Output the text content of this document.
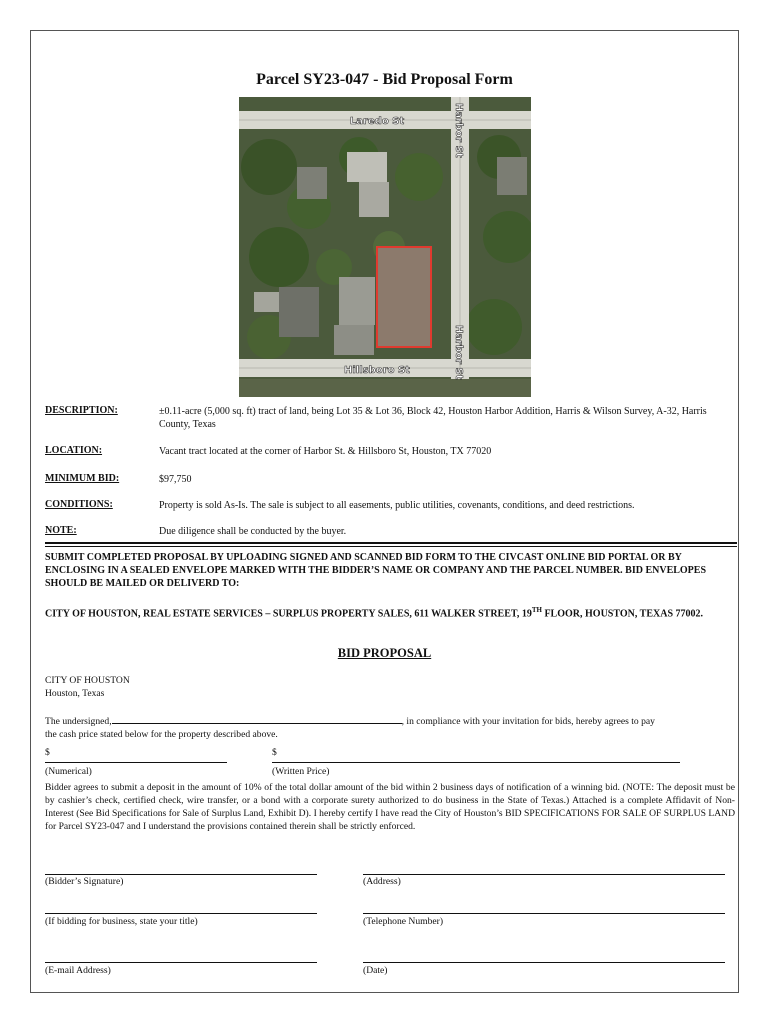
Parcel SY23-047 - Bid Proposal Form
Laredo St
Hillsboro St
Harbor St
Harbor St
DESCRIPTION:	±0.11-acre (5,000 sq. ft) tract of land, being Lot 35 & Lot 36, Block 42, Houston Harbor Addition, Harris & Wilson Survey, A-32, Harris County, Texas
LOCATION:	Vacant tract located at the corner of Harbor St. & Hillsboro St, Houston, TX 77020
MINIMUM BID:	$97,750
CONDITIONS:	Property is sold As-Is. The sale is subject to all easements, public utilities, covenants, conditions, and deed restrictions.
NOTE:	Due diligence shall be conducted by the buyer.
SUBMIT COMPLETED PROPOSAL BY UPLOADING SIGNED AND SCANNED BID FORM TO THE CIVCAST ONLINE BID PORTAL OR BY ENCLOSING IN A SEALED ENVELOPE MARKED WITH THE BIDDER’S NAME OR COMPANY AND THE PARCEL NUMBER. BID ENVELOPES SHOULD BE MAILED OR DELIVERD TO:
CITY OF HOUSTON, REAL ESTATE SERVICES – SURPLUS PROPERTY SALES, 611 WALKER STREET, 19TH FLOOR, HOUSTON, TEXAS 77002.
BID PROPOSAL
CITY OF HOUSTON
Houston, Texas
The undersigned,	, in compliance with your invitation for bids, hereby agrees to pay
the cash price stated below for the property described above.
$	$
(Numerical)	(Written Price)
Bidder agrees to submit a deposit in the amount of 10% of the total dollar amount of the bid within 2 business days of notification of a winning bid. (NOTE: The deposit must be by cashier’s check, certified check, wire transfer, or a bond with a corporate surety authorized to do business in the State of Texas.) Attached is a complete Affidavit of Non-Interest (See Bid Specifications for Sale of Surplus Land, Exhibit D). I hereby certify I have read the City of Houston’s BID SPECIFICATIONS FOR SALE OF SURPLUS LAND for Parcel SY23-047 and I understand the provisions contained therein shall be strictly enforced.
(Bidder’s Signature)	(Address)
(If bidding for business, state your title)	(Telephone Number)
(E-mail Address)	(Date)
